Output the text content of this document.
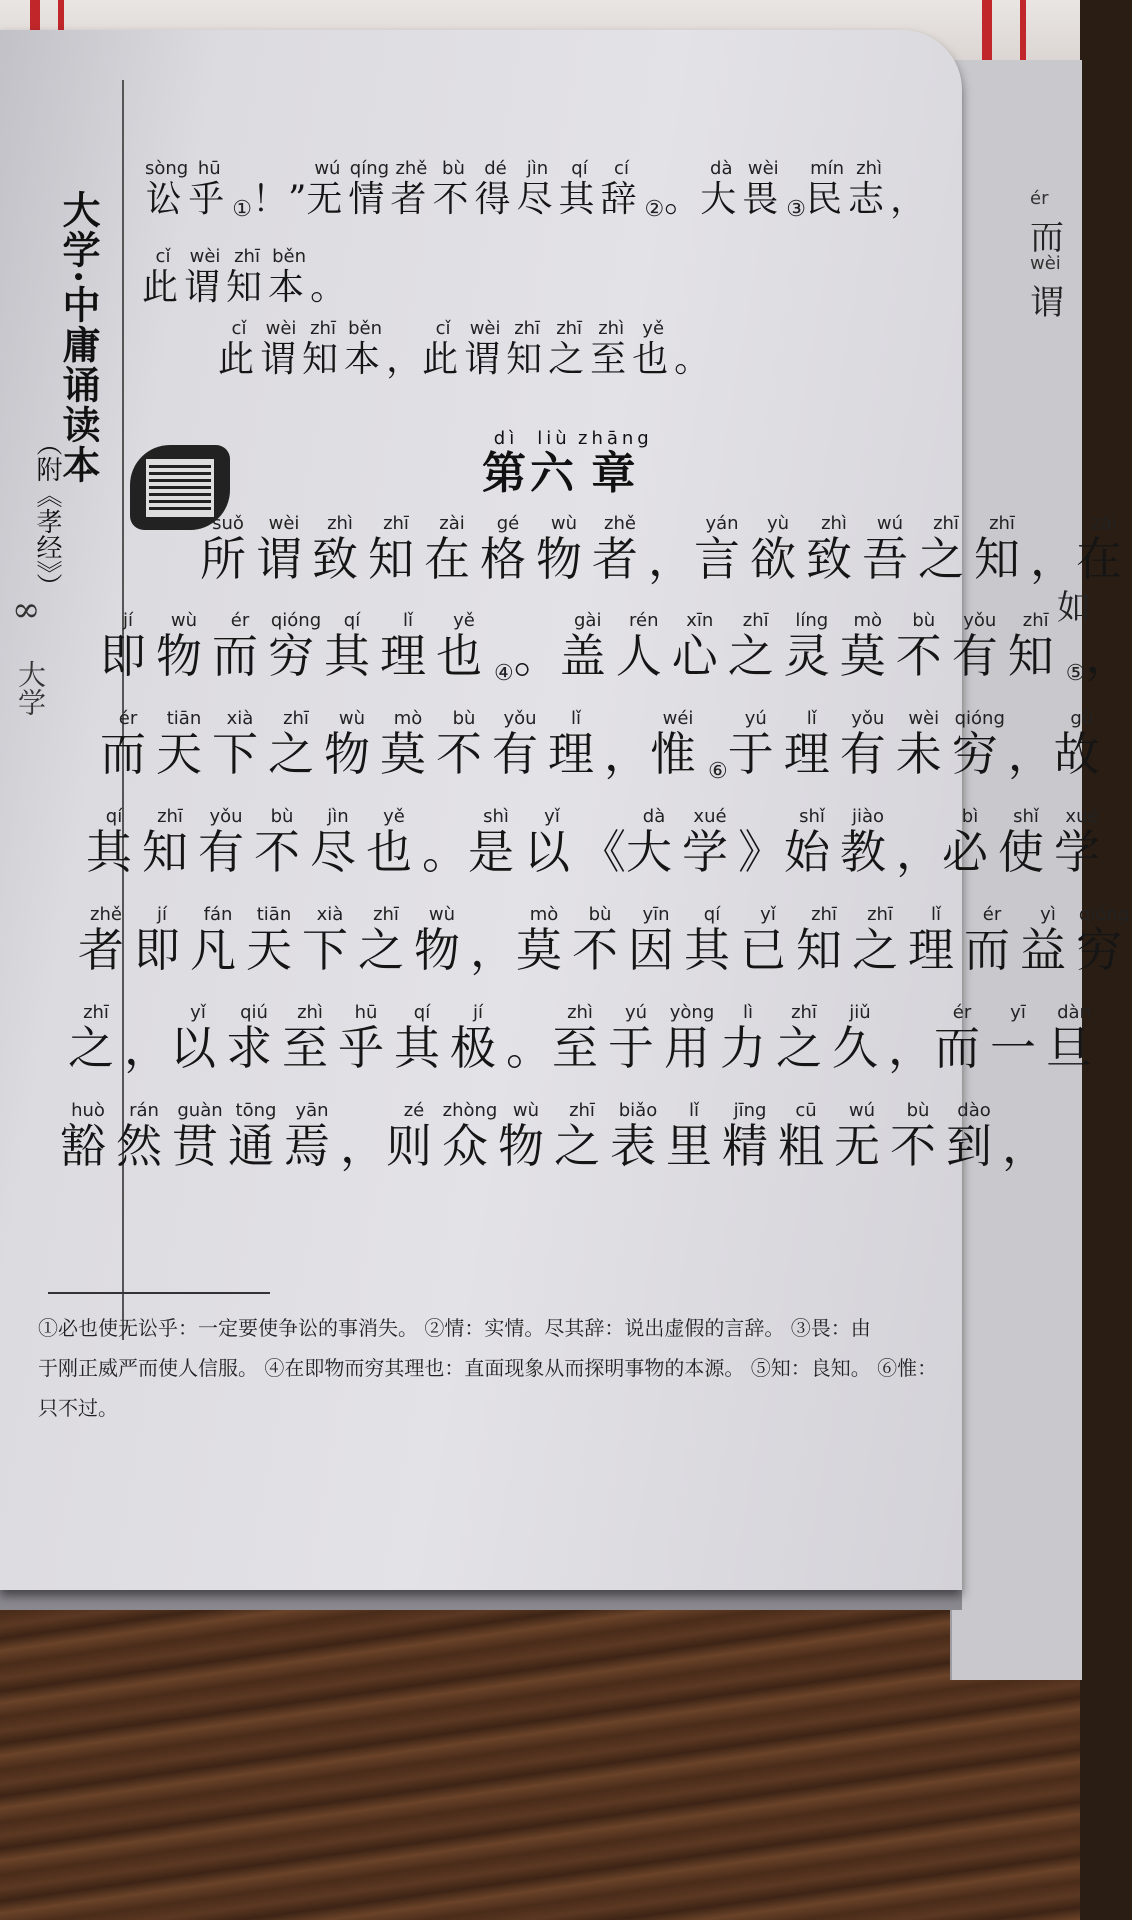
ér
而
wèi
谓
如
大学·中庸诵读本
（附《孝经》）
∞
大学
第dì
六liù
章zhāng
讼sòng
乎hū
① ！” 无wú
情qíng
者zhě
不bù
得dé
尽jìn
其qí
辞cí
② 。 大dà
畏wèi
③ 民mín
志zhì
，
此cǐ
谓wèi
知zhī
本běn
。
此cǐ
谓wèi
知zhī
本běn
， 此cǐ
谓wèi
知zhī
之zhī
至zhì
也yě
。
所suǒ
谓wèi
致zhì
知zhī
在zài
格gé
物wù
者zhě
， 言yán
欲yù
致zhì
吾wú
之zhī
知zhī
， 在zài
即jí
物wù
而ér
穷qióng
其qí
理lǐ
也yě
④ 。 盖gài
人rén
心xīn
之zhī
灵líng
莫mò
不bù
有yǒu
知zhī
⑤ ，
而ér
天tiān
下xià
之zhī
物wù
莫mò
不bù
有yǒu
理lǐ
， 惟wéi
⑥ 于yú
理lǐ
有yǒu
未wèi
穷qióng
， 故gù
其qí
知zhī
有yǒu
不bù
尽jìn
也yě
。 是shì
以yǐ
《 大dà
学xué
》 始shǐ
教jiào
， 必bì
使shǐ
学xué
者zhě
即jí
凡fán
天tiān
下xià
之zhī
物wù
， 莫mò
不bù
因yīn
其qí
已yǐ
知zhī
之zhī
理lǐ
而ér
益yì
穷qióng
之zhī
， 以yǐ
求qiú
至zhì
乎hū
其qí
极jí
。 至zhì
于yú
用yòng
力lì
之zhī
久jiǔ
， 而ér
一yī
旦dàn
豁huò
然rán
贯guàn
通tōng
焉yān
， 则zé
众zhòng
物wù
之zhī
表biǎo
里lǐ
精jīng
粗cū
无wú
不bù
到dào
，
①必也使无讼乎：一定要使争讼的事消失。 ②情：实情。尽其辞：说出虚假的言辞。 ③畏：由
于刚正威严而使人信服。 ④在即物而穷其理也：直面现象从而探明事物的本源。 ⑤知：良知。 ⑥惟：
只不过。
